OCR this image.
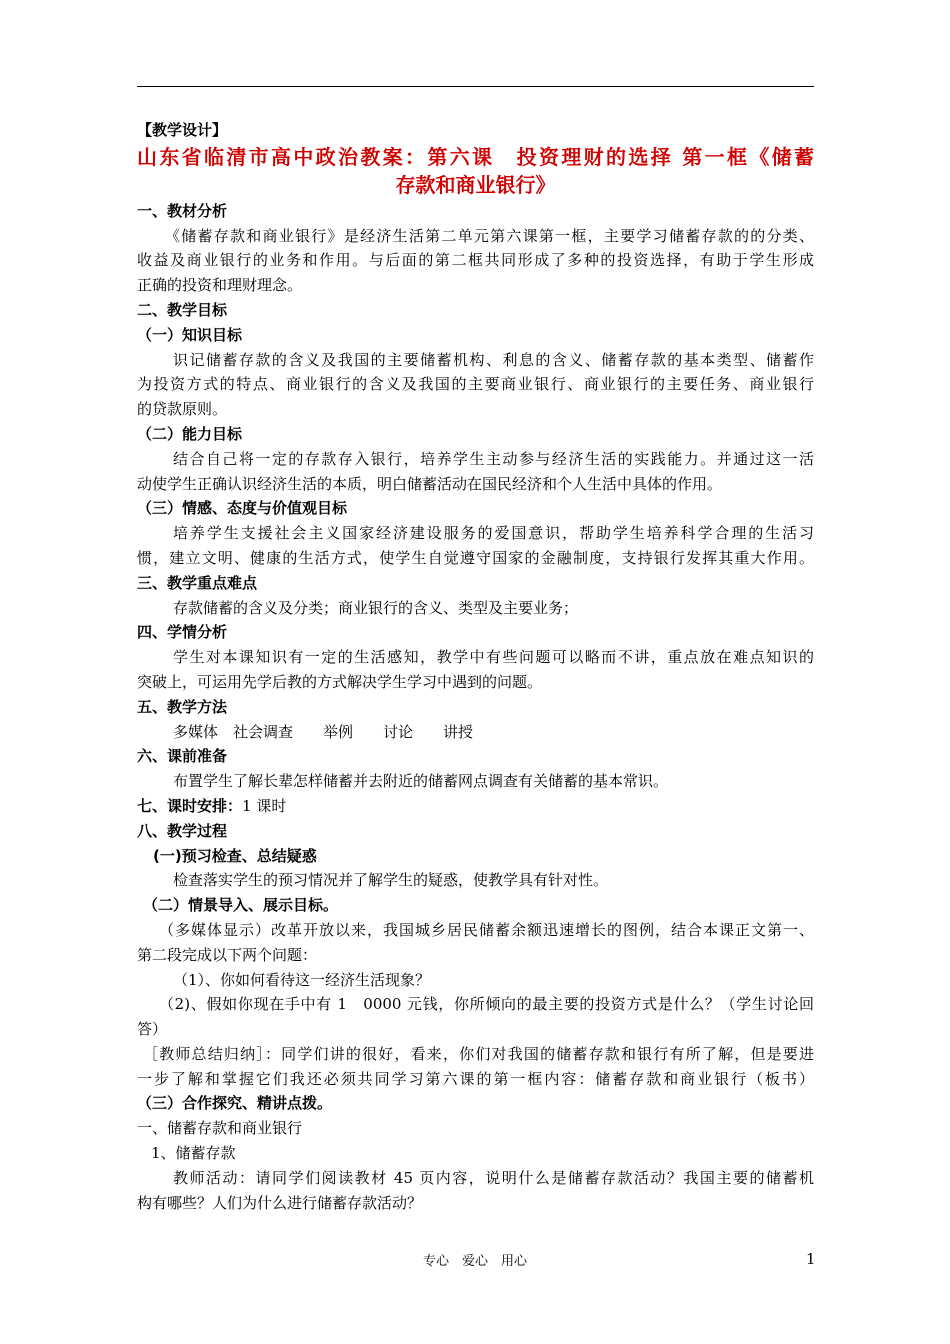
【教学设计】
山东省临清市高中政治教案：第六课　投资理财的选择 第一框《储蓄
存款和商业银行》
一、教材分析
《储蓄存款和商业银行》是经济生活第二单元第六课第一框，主要学习储蓄存款的的分类、
收益及商业银行的业务和作用。与后面的第二框共同形成了多种的投资选择，有助于学生形成
正确的投资和理财理念。
二、教学目标
（一）知识目标
识记储蓄存款的含义及我国的主要储蓄机构、利息的含义、储蓄存款的基本类型、储蓄作
为投资方式的特点、商业银行的含义及我国的主要商业银行、商业银行的主要任务、商业银行
的贷款原则。
（二）能力目标
结合自己将一定的存款存入银行，培养学生主动参与经济生活的实践能力。并通过这一活
动使学生正确认识经济生活的本质，明白储蓄活动在国民经济和个人生活中具体的作用。
（三）情感、态度与价值观目标
培养学生支援社会主义国家经济建设服务的爱国意识，帮助学生培养科学合理的生活习
惯，建立文明、健康的生活方式，使学生自觉遵守国家的金融制度，支持银行发挥其重大作用。
三、教学重点难点
存款储蓄的含义及分类；商业银行的含义、类型及主要业务；
四、学情分析
学生对本课知识有一定的生活感知，教学中有些问题可以略而不讲，重点放在难点知识的
突破上，可运用先学后教的方式解决学生学习中遇到的问题。
五、教学方法
多媒体　社会调查　　举例　　讨论　　讲授
六、课前准备
布置学生了解长辈怎样储蓄并去附近的储蓄网点调查有关储蓄的基本常识。
七、课时安排：1 课时
八、教学过程
(一)预习检查、总结疑惑
检查落实学生的预习情况并了解学生的疑惑，使教学具有针对性。
（二）情景导入、展示目标。
（多媒体显示）改革开放以来，我国城乡居民储蓄余额迅速增长的图例，结合本课正文第一、
第二段完成以下两个问题：
（1）、你如何看待这一经济生活现象？
（2)、假如你现在手中有 1　0000 元钱，你所倾向的最主要的投资方式是什么？（学生讨论回
答）
［教师总结归纳］：同学们讲的很好，看来，你们对我国的储蓄存款和银行有所了解，但是要进
一步了解和掌握它们我还必须共同学习第六课的第一框内容：储蓄存款和商业银行（板书）
（三）合作探究、精讲点拨。
一、储蓄存款和商业银行
1、储蓄存款
教师活动：请同学们阅读教材 45 页内容，说明什么是储蓄存款活动？我国主要的储蓄机
构有哪些？人们为什么进行储蓄存款活动？
专心　爱心　用心	1
